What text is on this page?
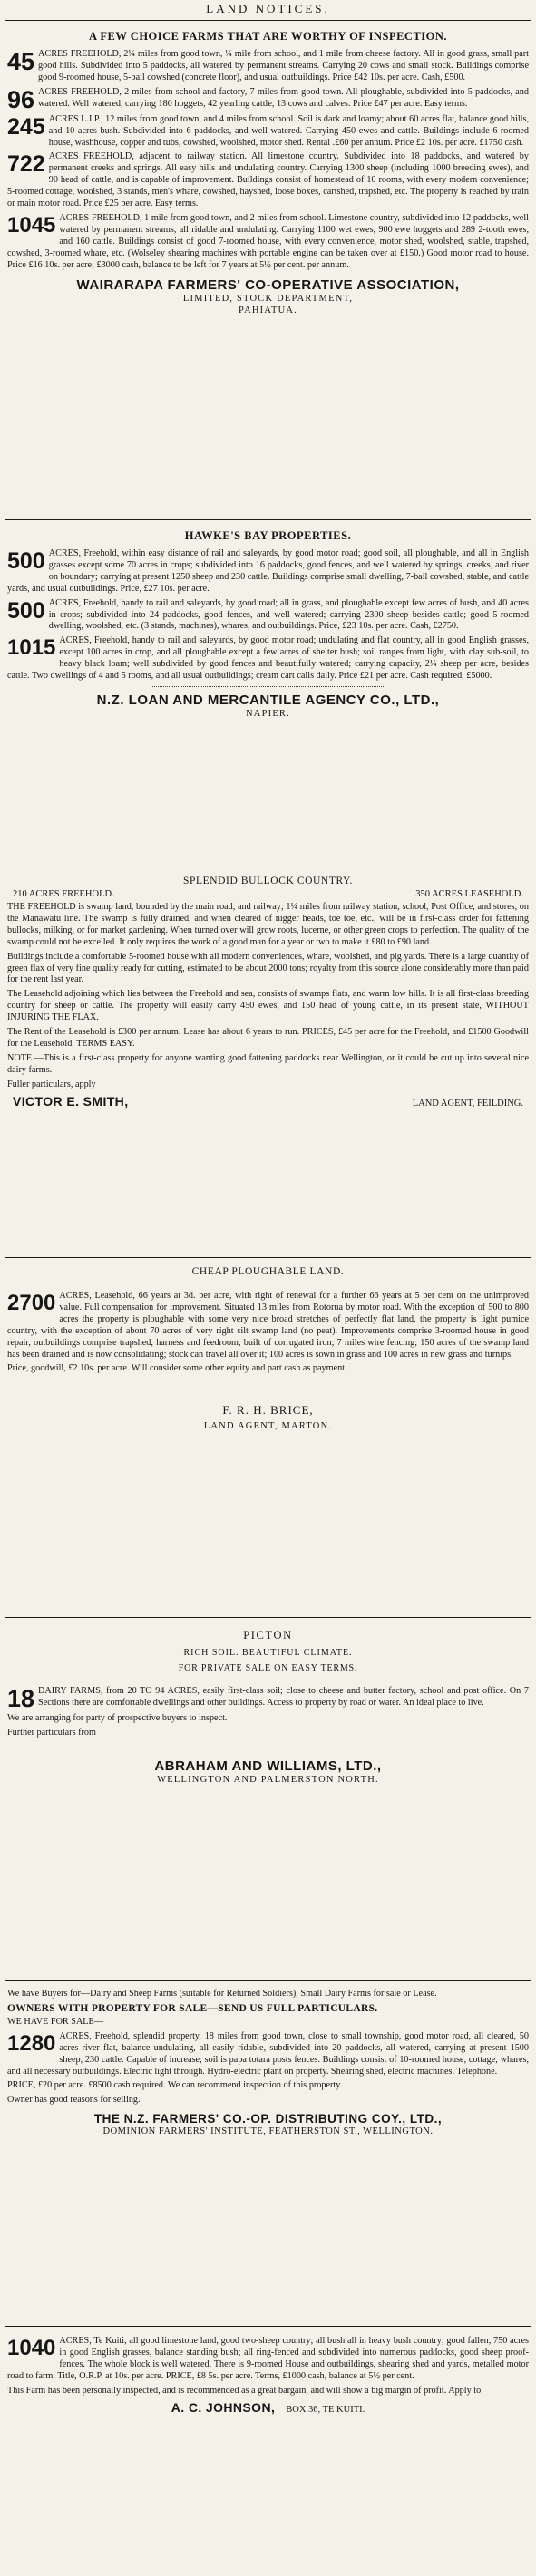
LAND NOTICES.
A FEW CHOICE FARMS THAT ARE WORTHY OF INSPECTION.
45 ACRES FREEHOLD, 2¼ miles from good town, ¼ mile from school, and 1 mile from cheese factory. All in good grass, small part good hills. Subdivided into 5 paddocks, all watered by permanent streams. Carrying 20 cows and small stock. Buildings comprise good 9-roomed house, 5-bail cowshed (concrete floor), and usual outbuildings. Price £42 10s. per acre. Cash, £500.
96 ACRES FREEHOLD, 2 miles from school and factory, 7 miles from good town. All ploughable, subdivided into 5 paddocks, and watered. Well watered, carrying 180 hoggets, 42 yearling cattle, 13 cows and calves. Price £47 per acre. Easy terms.
245 ACRES L.I.P., 12 miles from good town, and 4 miles from school. Soil is dark and loamy; about 60 acres flat, balance good hills, and 10 acres bush. Subdivided into 6 paddocks, and well watered. Carrying 450 ewes and cattle. Buildings include 6-roomed house, washhouse, copper and tubs, cowshed, woolshed, motor shed. Rental .£60 per annum. Price £2 10s. per acre. £1750 cash.
722 ACRES FREEHOLD, adjacent to railway station. All limestone country. Subdivided into 18 paddocks, and watered by permanent creeks and springs. All easy hills and undulating country. Carrying 1300 sheep (including 1000 breeding ewes), and 90 head of cattle, and is capable of improvement. Buildings consist of homestead of 10 rooms, with every modern convenience; 5-roomed cottage, woolshed, 3 stands, men's whare, cowshed, hayshed, loose boxes, cartshed, trapshed, etc. The property is reached by train or main motor road. Price £25 per acre. Easy terms.
1045 ACRES FREEHOLD, 1 mile from good town, and 2 miles from school. Limestone country, subdivided into 12 paddocks, well watered by permanent streams, all ridable and undulating. Carrying 1100 wet ewes, 900 ewe hoggets and 289 2-tooth ewes, and 160 cattle. Buildings consist of good 7-roomed house, with every convenience, motor shed, woolshed, stable, trapshed, cowshed, 3-roomed whare, etc. (Wolseley shearing machines with portable engine can be taken over at £150.) Good motor road to house. Price £16 10s. per acre; £3000 cash, balance to be left for 7 years at 5½ per cent. per annum.
WAIRARAPA FARMERS' CO-OPERATIVE ASSOCIATION,
LIMITED, STOCK DEPARTMENT,
PAHIATUA.
HAWKE'S BAY PROPERTIES.
500 ACRES, Freehold, within easy distance of rail and saleyards, by good motor road; good soil, all ploughable, and all in English grasses except some 70 acres in crops; subdivided into 16 paddocks, good fences, and well watered by springs, creeks, and river on boundary; carrying at present 1250 sheep and 230 cattle. Buildings comprise small dwelling, 7-bail cowshed, stable, and cattle yards, and usual outbuildings. Price, £27 10s. per acre.
500 ACRES, Freehold, handy to rail and saleyards, by good road; all in grass, and ploughable except few acres of bush, and 40 acres in crops; subdivided into 24 paddocks, good fences, and well watered; carrying 2300 sheep besides cattle; good 5-roomed dwelling, woolshed, etc. (3 stands, machines), whares, and outbuildings. Price, £23 10s. per acre. Cash, £2750.
1015 ACRES, Freehold, handy to rail and saleyards, by good motor road; undulating and flat country, all in good English grasses, except 100 acres in crop, and all ploughable except a few acres of shelter bush; soil ranges from light, with clay sub-soil, to heavy black loam; well subdivided by good fences and beautifully watered; carrying capacity, 2¼ sheep per acre, besides cattle. Two dwellings of 4 and 5 rooms, and all usual outbuildings; cream cart calls daily. Price £21 per acre. Cash required, £5000.
N.Z. LOAN AND MERCANTILE AGENCY CO., LTD.,
NAPIER.
SPLENDID BULLOCK COUNTRY.
210 ACRES FREEHOLD.	350 ACRES LEASEHOLD.

THE FREEHOLD is swamp land, bounded by the main road, and railway; 1¼ miles from railway station, school, Post Office, and stores, on the Manawatu line. The swamp is fully drained, and when cleared of nigger heads, toe toe, etc., will be in first-class order for fattening bullocks, milking, or for market gardening. When turned over will grow roots, lucerne, or other green crops to perfection. The quality of the swamp could not be excelled. It only requires the work of a good man for a year or two to make it £80 to £90 land.

Buildings include a comfortable 5-roomed house with all modern conveniences, whare, woolshed, and pig yards. There is a large quantity of green flax of very fine quality ready for cutting, estimated to be about 2000 tons; royalty from this source alone considerably more than paid for the rent last year.

The Leasehold adjoining which lies between the Freehold and sea, consists of swamps flats, and warm low hills. It is all first-class breeding country for sheep or cattle. The property will easily carry 450 ewes, and 150 head of young cattle, in its present state, WITHOUT INJURING THE FLAX.

The Rent of the Leasehold is £300 per annum. Lease has about 6 years to run. PRICES, £45 per acre for the Freehold, and £1500 Goodwill for the Leasehold. TERMS EASY.

NOTE.—This is a first-class property for anyone wanting good fattening paddocks near Wellington, or it could be cut up into several nice dairy farms.

Fuller particulars, apply

VICTOR E. SMITH,	LAND AGENT, FEILDING.
CHEAP PLOUGHABLE LAND.
2700 ACRES, Leasehold, 66 years at 3d. per acre, with right of renewal for a further 66 years at 5 per cent on the unimproved value. Full compensation for improvement. Situated 13 miles from Rotorua by motor road. With the exception of 500 to 800 acres the property is ploughable with some very nice broad stretches of perfectly flat land, the property is light pumice country, with the exception of about 70 acres of very right silt swamp land (no peat). Improvements comprise 3-roomed house in good repair, outbuildings comprise trapshed, harness and feedroom, built of corrugated iron; 7 miles wire fencing; 150 acres of the swamp land has been drained and is now consolidating; stock can travel all over it; 100 acres is sown in grass and 100 acres in new grass and turnips.

Price, goodwill, £2 10s. per acre. Will consider some other equity and part cash as payment.

F. R. H. BRICE,
LAND AGENT, MARTON.
PICTON
RICH SOIL. BEAUTIFUL CLIMATE.
FOR PRIVATE SALE ON EASY TERMS.
18 DAIRY FARMS, from 20 TO 94 ACRES, easily first-class soil; close to cheese and butter factory, school and post office. On 7 Sections there are comfortable dwellings and other buildings. Access to property by road or water. An ideal place to live.

We are arranging for party of prospective buyers to inspect.

Further particulars from

ABRAHAM AND WILLIAMS, LTD.,
WELLINGTON AND PALMERSTON NORTH.

We have Buyers for—Dairy and Sheep Farms (suitable for Returned Soldiers), Small Dairy Farms for sale or Lease.

OWNERS WITH PROPERTY FOR SALE—SEND US FULL PARTICULARS.

WE HAVE FOR SALE—

1280 ACRES, Freehold, splendid property, 18 miles from good town, close to small township, good motor road, all cleared, 50 acres river flat, balance undulating, all easily ridable, subdivided into 20 paddocks, all watered, carrying at present 1500 sheep, 230 cattle. Capable of increase; soil is papa totara posts fences. Buildings consist of 10-roomed house, cottage, whares, and all necessary outbuildings. Electric light through. Hydro-electric plant on property. Shearing shed, electric machines. Telephone.

PRICE, £20 per acre. £8500 cash required. We can recommend inspection of this property.

Owner has good reasons for selling.

THE N.Z. FARMERS' CO.-OP. DISTRIBUTING COY., LTD.,
DOMINION FARMERS' INSTITUTE, FEATHERSTON ST., WELLINGTON.
1040 ACRES, Te Kuiti, all good limestone land, good two-sheep country; all bush all in heavy bush country; good fallen, 750 acres in good English grasses, balance standing bush; all ring-fenced and subdivided into numerous paddocks, good sheep proof-fences. The whole block is well watered. There is 9-roomed House and outbuildings, shearing shed and yards, metalled motor road to farm. Title, O.R.P. at 10s. per acre. PRICE, £8 5s. per acre. Terms, £1000 cash, balance at 5½ per cent.

This Farm has been personally inspected, and is recommended as a great bargain, and will show a big margin of profit. Apply to

A. C. JOHNSON, BOX 36, TE KUITI.
